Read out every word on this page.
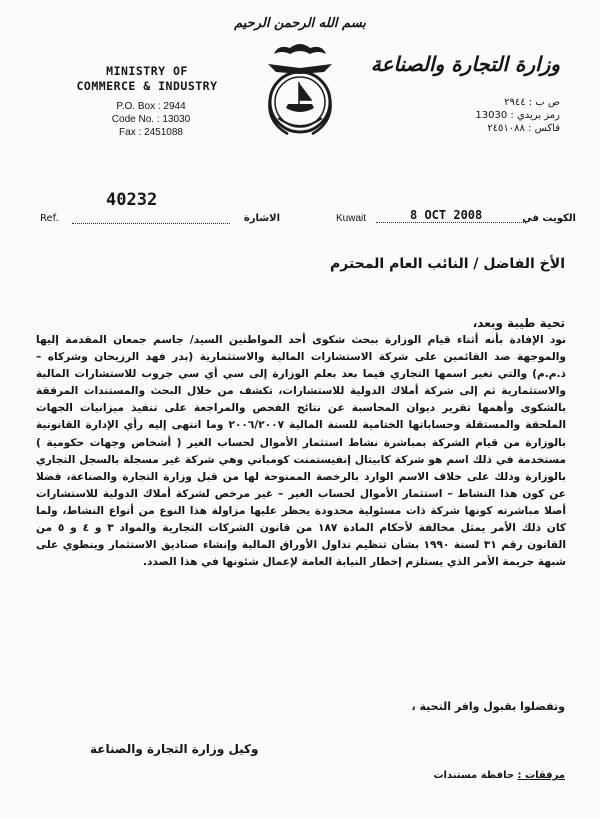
بسم الله الرحمن الرحيم
MINISTRY OF
COMMERCE & INDUSTRY
P.O. Box : 2944
Code No. : 13030
Fax : 2451088
وزارة التجارة والصناعة
ص ب : ٢٩٤٤
رمز بريدي : 13030
فاكس : ٢٤٥١٠٨٨
40232
Ref.	الاشارة	Kuwait	8 OCT 2008	الكويت في
الأخ الفاضل / النائب العام المحترم
تحية طيبة وبعد،

نود الإفادة بأنه أثناء قيام الوزارة ببحث شكوى أحد المواطنين السيد/ جاسم جمعان المقدمة إليها والموجهة ضد القائمين على شركة الاستشارات المالية والاستثمارية (بدر فهد الرزيحان وشركاه – ذ.م.م) والتي تغير اسمها التجاري فيما بعد بعلم الوزارة إلى سي أي سي جروب للاستشارات المالية والاستثمارية ثم إلى شركة أملاك الدولية للاستشارات، تكشف من خلال البحث والمستندات المرفقة بالشكوى وأهمها تقرير ديوان المحاسبة عن نتائج الفحص والمراجعة على تنفيذ ميزانيات الجهات الملحقة والمستقلة وحساباتها الختامية للسنة المالية ٢٠٠٦/٢٠٠٧ وما انتهى إليه رأي الإدارة القانونية بالوزارة من قيام الشركة بمباشرة نشاط استثمار الأموال لحساب الغير ( أشخاص وجهات حكومية ) مستخدمة في ذلك اسم هو شركة كابيتال إنفيستمنت كومباني وهي شركة غير مسجلة بالسجل التجاري بالوزارة وذلك على خلاف الاسم الوارد بالرخصة الممنوحة لها من قبل وزارة التجارة والصناعة، فضلا عن كون هذا النشاط – استثمار الأموال لحساب الغير – غير مرخص لشركة أملاك الدولية للاستشارات أصلا مباشرته كونها شركة ذات مسئولية محدودة يحظر عليها مزاولة هذا النوع من أنواع النشاط، ولما كان ذلك الأمر يمثل مخالفة لأحكام المادة ١٨٧ من قانون الشركات التجارية والمواد ٣ و ٤ و ٥ من القانون رقم ٣١ لسنة ١٩٩٠ بشأن تنظيم تداول الأوراق المالية وإنشاء صناديق الاستثمار وينطوي على شبهة جريمة الأمر الذي يستلزم إخطار النيابة العامة لإعمال شئونها في هذا الصدد.

وتفضلوا بقبول وافر التحية ،
وكيل وزارة التجارة والصناعة
مرفقات : حافظة مستندات
